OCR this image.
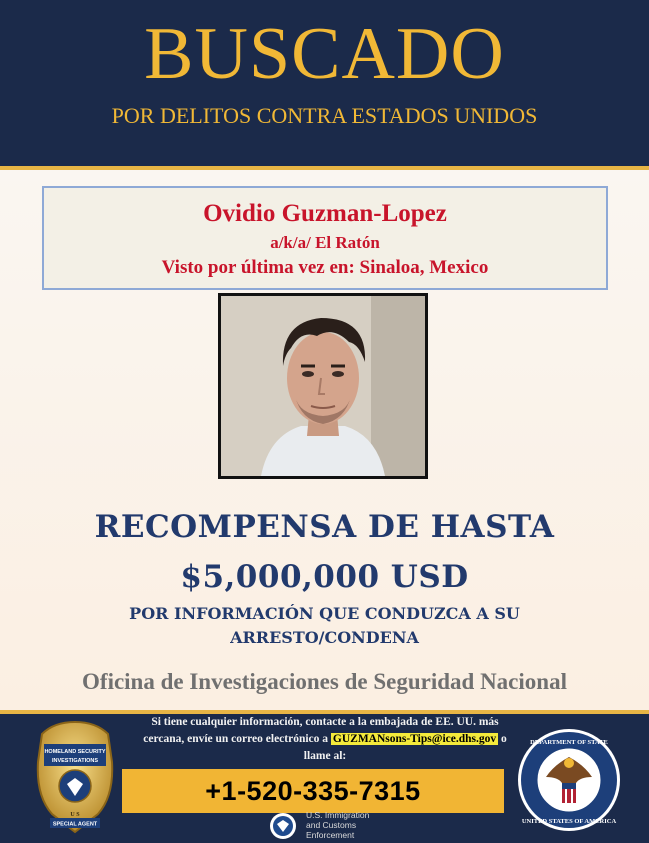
BUSCADO
POR DELITOS CONTRA ESTADOS UNIDOS
Ovidio Guzman-Lopez
a/k/a/ El Ratón
Visto por última vez en: Sinaloa, Mexico
RECOMPENSA DE HASTA
$5,000,000 USD
POR INFORMACIÓN QUE CONDUZCA A SU
ARRESTO/CONDENA
Oficina de Investigaciones de Seguridad Nacional
Si tiene cualquier información, contacte a la embajada de EE. UU. más
cercana, envíe un correo electrónico a GUZMANsons-Tips@ice.dhs.gov o
llame al:
+1-520-335-7315
U.S. Immigration
and Customs
Enforcement
HOMELAND SECURITY
INVESTIGATIONS
U S
SPECIAL AGENT
DEPARTMENT OF STATE
UNITED STATES OF AMERICA
